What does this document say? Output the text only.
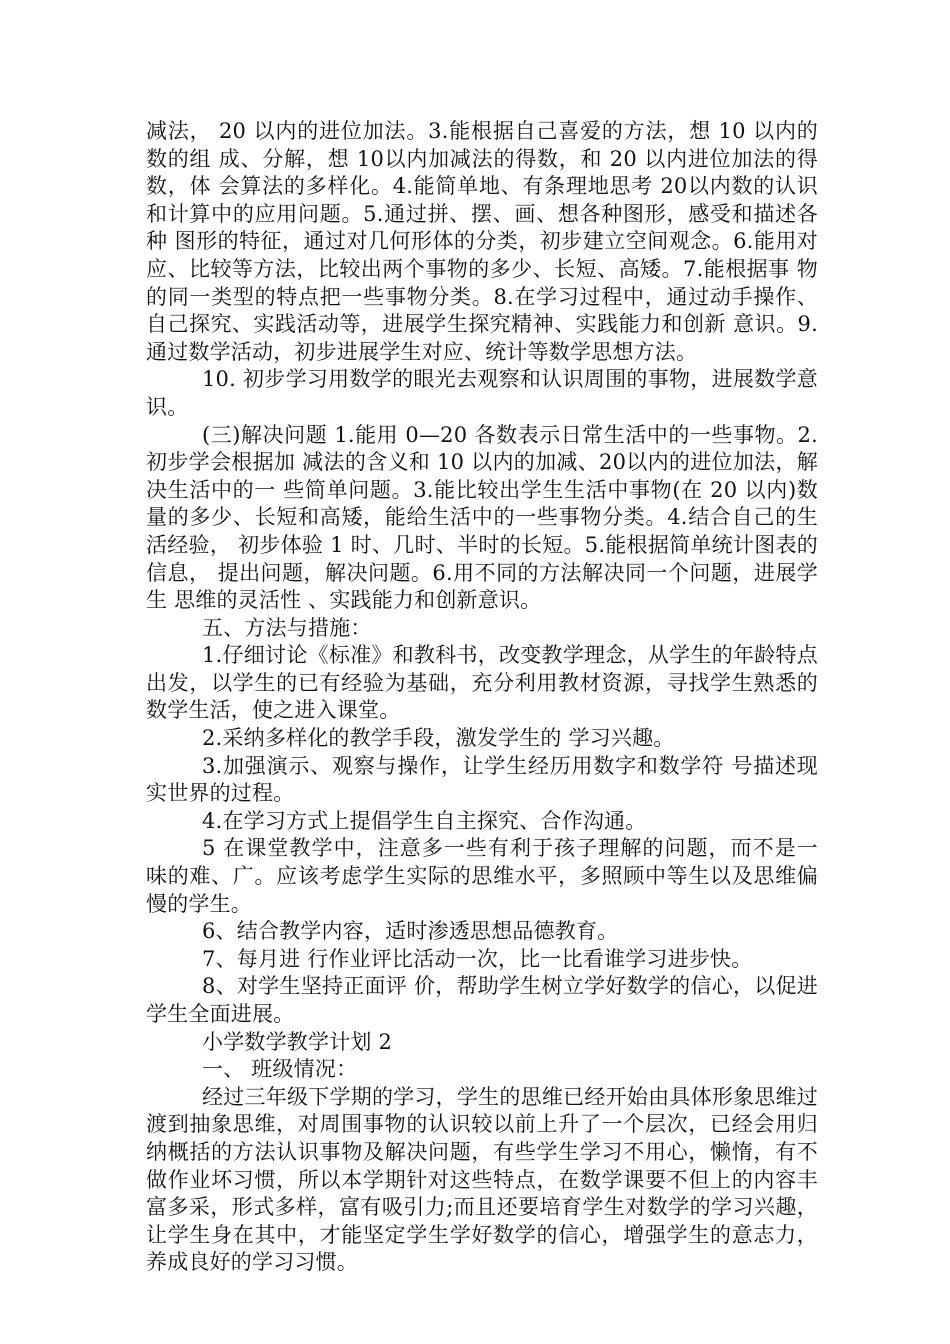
减法， 20 以内的进位加法。3.能根据自己喜爱的方法，想 10 以内的数的组 成、分解，想 10以内加减法的得数，和 20 以内进位加法的得数，体 会算法的多样化。4.能简单地、有条理地思考 20以内数的认识和计算中的应用问题。5.通过拼、摆、画、想各种图形，感受和描述各种 图形的特征，通过对几何形体的分类，初步建立空间观念。6.能用对应、比较等方法，比较出两个事物的多少、长短、高矮。7.能根据事 物的同一类型的特点把一些事物分类。8.在学习过程中，通过动手操作、自己探究、实践活动等，进展学生探究精神、实践能力和创新 意识。9.通过数学活动，初步进展学生对应、统计等数学思想方法。

10. 初步学习用数学的眼光去观察和认识周围的事物，进展数学意 识。

(三)解决问题 1.能用 0—20 各数表示日常生活中的一些事物。2.初步学会根据加 减法的含义和 10 以内的加减、20以内的进位加法，解决生活中的一 些简单问题。3.能比较出学生生活中事物(在 20 以内)数量的多少、长短和高矮，能给生活中的一些事物分类。4.结合自己的生活经验， 初步体验 1 时、几时、半时的长短。5.能根据简单统计图表的信息， 提出问题，解决问题。6.用不同的方法解决同一个问题，进展学生 思维的灵活性 、实践能力和创新意识。

五、方法与措施：

1.仔细讨论《标准》和教科书，改变教学理念，从学生的年龄特点 出发，以学生的已有经验为基础，充分利用教材资源，寻找学生熟悉的数学生活，使之进入课堂。

2.采纳多样化的教学手段，激发学生的 学习兴趣。

3.加强演示、观察与操作，让学生经历用数字和数学符 号描述现实世界的过程。

4.在学习方式上提倡学生自主探究、合作沟通。

5 在课堂教学中，注意多一些有利于孩子理解的问题，而不是一 味的难、广。应该考虑学生实际的思维水平，多照顾中等生以及思维偏慢的学生。

6、结合教学内容，适时渗透思想品德教育。

7、每月进 行作业评比活动一次，比一比看谁学习进步快。

8、对学生坚持正面评 价，帮助学生树立学好数学的信心，以促进学生全面进展。

小学数学教学计划 2

一、 班级情况：

经过三年级下学期的学习，学生的思维已经开始由具体形象思维过渡到抽象思维，对周围事物的认识较以前上升了一个层次，已经会用归纳概括的方法认识事物及解决问题，有些学生学习不用心，懒惰，有不做作业坏习惯，所以本学期针对这些特点，在数学课要不但上的内容丰富多采，形式多样，富有吸引力;而且还要培育学生对数学的学习兴趣，让学生身在其中，才能坚定学生学好数学的信心，增强学生的意志力，养成良好的学习习惯。
